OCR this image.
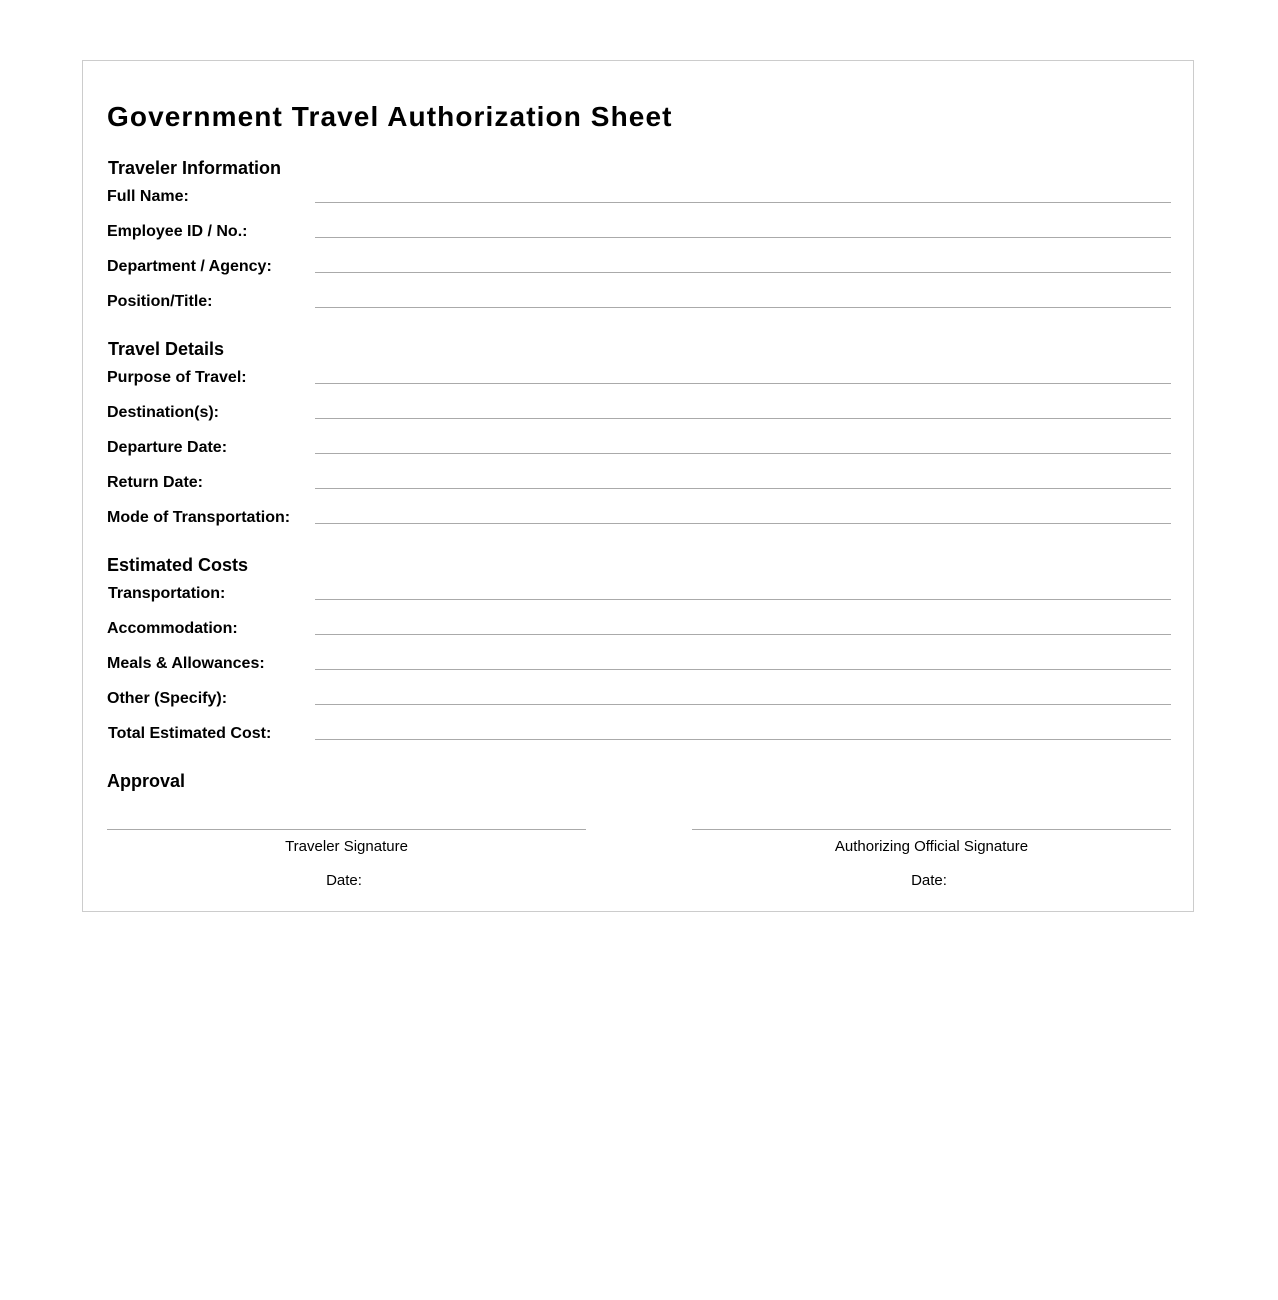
Government Travel Authorization Sheet
Traveler Information
Full Name:
Employee ID / No.:
Department / Agency:
Position/Title:
Travel Details
Purpose of Travel:
Destination(s):
Departure Date:
Return Date:
Mode of Transportation:
Estimated Costs
Transportation:
Accommodation:
Meals & Allowances:
Other (Specify):
Total Estimated Cost:
Approval
Traveler Signature
Date:
Authorizing Official Signature
Date:
